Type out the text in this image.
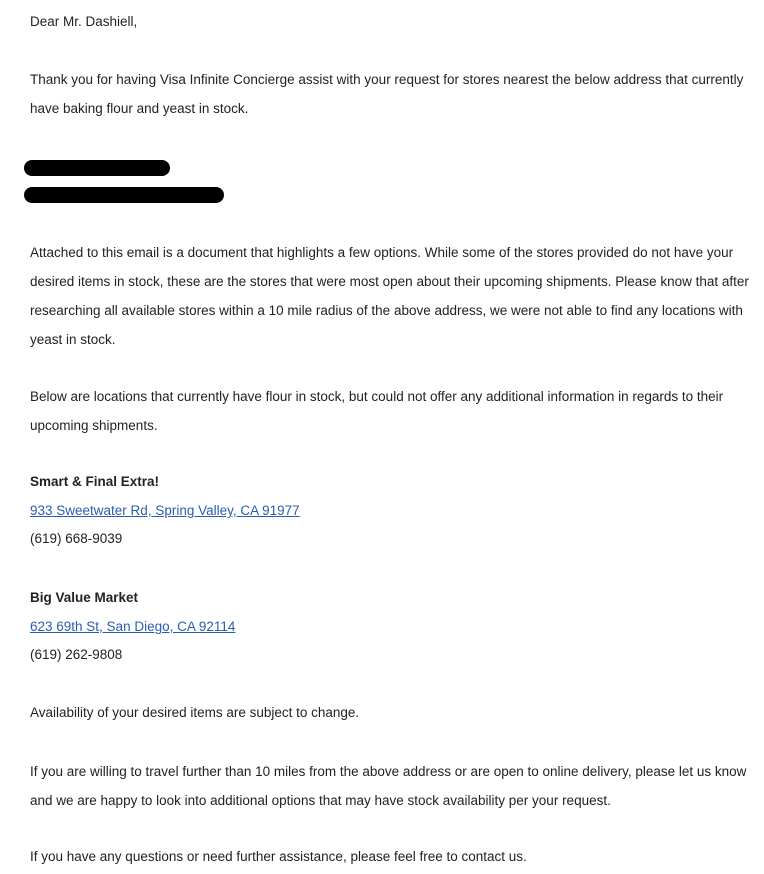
Dear Mr. Dashiell,
Thank you for having Visa Infinite Concierge assist with your request for stores nearest the below address that currently have baking flour and yeast in stock.
Attached to this email is a document that highlights a few options. While some of the stores provided do not have your desired items in stock, these are the stores that were most open about their upcoming shipments. Please know that after researching all available stores within a 10 mile radius of the above address, we were not able to find any locations with yeast in stock.
Below are locations that currently have flour in stock, but could not offer any additional information in regards to their upcoming shipments.
Smart & Final Extra!
933 Sweetwater Rd, Spring Valley, CA 91977
(619) 668-9039
Big Value Market
623 69th St, San Diego, CA 92114
(619) 262-9808
Availability of your desired items are subject to change.
If you are willing to travel further than 10 miles from the above address or are open to online delivery, please let us know and we are happy to look into additional options that may have stock availability per your request.
If you have any questions or need further assistance, please feel free to contact us.
